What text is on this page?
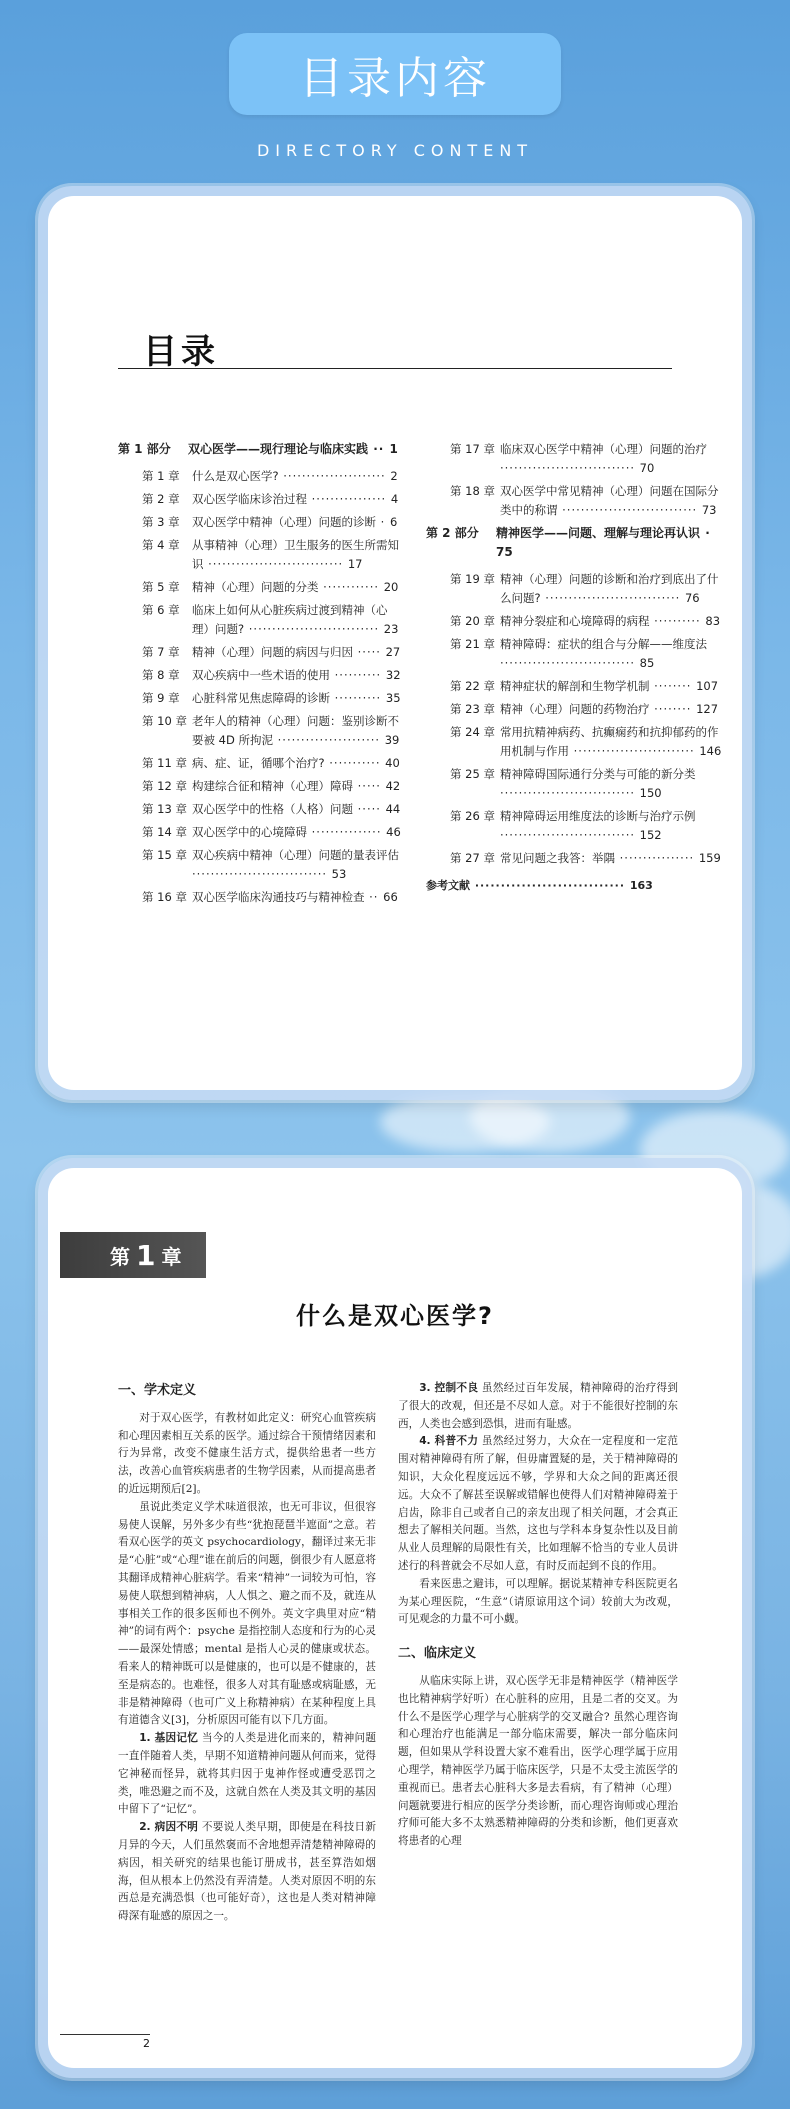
目录内容
DIRECTORY CONTENT
目录
第 1 部分	双心医学——现行理论与临床实践 ·· 1
第 1 章	什么是双心医学? ······················ 2
第 2 章	双心医学临床诊治过程 ················ 4
第 3 章	双心医学中精神（心理）问题的诊断 · 6
第 4 章	从事精神（心理）卫生服务的医生所需知识 ····························· 17
第 5 章	精神（心理）问题的分类 ············ 20
第 6 章	临床上如何从心脏疾病过渡到精神（心理）问题? ···························· 23
第 7 章	精神（心理）问题的病因与归因 ····· 27
第 8 章	双心疾病中一些术语的使用 ·········· 32
第 9 章	心脏科常见焦虑障碍的诊断 ·········· 35
第 10 章 老年人的精神（心理）问题：鉴别诊断不要被 4D 所拘泥 ······················ 39
第 11 章 病、症、证，循哪个治疗? ··········· 40
第 12 章 构建综合征和精神（心理）障碍 ····· 42
第 13 章 双心医学中的性格（人格）问题 ····· 44
第 14 章 双心医学中的心境障碍 ··············· 46
第 15 章 双心疾病中精神（心理）问题的量表评估 ····························· 53
第 16 章 双心医学临床沟通技巧与精神检查 ·· 66
第 17 章 临床双心医学中精神（心理）问题的治疗 ····························· 70
第 18 章 双心医学中常见精神（心理）问题在国际分类中的称谓 ····························· 73
第 2 部分	精神医学——问题、理解与理论再认识 · 75
第 19 章 精神（心理）问题的诊断和治疗到底出了什么问题? ····························· 76
第 20 章 精神分裂症和心境障碍的病程 ·········· 83
第 21 章 精神障碍：症状的组合与分解——维度法 ····························· 85
第 22 章 精神症状的解剖和生物学机制 ········ 107
第 23 章 精神（心理）问题的药物治疗 ········ 127
第 24 章 常用抗精神病药、抗癫痫药和抗抑郁药的作用机制与作用 ·························· 146
第 25 章 精神障碍国际通行分类与可能的新分类 ····························· 150
第 26 章 精神障碍运用维度法的诊断与治疗示例 ····························· 152
第 27 章 常见问题之我答：举隅 ················ 159
参考文献 ····························· 163
第 1 章
什么是双心医学?
一、学术定义

对于双心医学，有教材如此定义：研究心血管疾病和心理因素相互关系的医学。通过综合干预情绪因素和行为异常，改变不健康生活方式，提供给患者一些方法，改善心血管疾病患者的生物学因素，从而提高患者的近远期预后[2]。

虽说此类定义学术味道很浓，也无可非议，但很容易使人误解，另外多少有些“犹抱琵琶半遮面”之意。若看双心医学的英文 psychocardiology，翻译过来无非是“心脏”或“心理”谁在前后的问题，倒很少有人愿意将其翻译成精神心脏病学。看来“精神”一词较为可怕，容易使人联想到精神病，人人惧之、避之而不及，就连从事相关工作的很多医师也不例外。英文字典里对应“精神”的词有两个：psyche 是指控制人态度和行为的心灵——最深处情感；mental 是指人心灵的健康或状态。看来人的精神既可以是健康的，也可以是不健康的，甚至是病态的。也难怪，很多人对其有耻感或病耻感，无非是精神障碍（也可广义上称精神病）在某种程度上具有道德含义[3]，分析原因可能有以下几方面。

1. 基因记忆 当今的人类是进化而来的，精神问题一直伴随着人类，早期不知道精神问题从何而来，觉得它神秘而怪异，就将其归因于鬼神作怪或遭受恶罚之类，唯恐避之而不及，这就自然在人类及其文明的基因中留下了“记忆”。

2. 病因不明 不要说人类早期，即使是在科技日新月异的今天，人们虽然褒而不舍地想弄清楚精神障碍的病因，相关研究的结果也能订册成书，甚至算浩如烟海，但从根本上仍然没有弄清楚。人类对原因不明的东西总是充满恐惧（也可能好奇），这也是人类对精神障碍深有耻感的原因之一。

3. 控制不良 虽然经过百年发展，精神障碍的治疗得到了很大的改观，但还是不尽如人意。对于不能很好控制的东西，人类也会感到恐惧，进而有耻感。

4. 科普不力 虽然经过努力，大众在一定程度和一定范围对精神障碍有所了解，但毋庸置疑的是，关于精神障碍的知识，大众化程度远远不够，学界和大众之间的距离还很远。大众不了解甚至误解或错解也使得人们对精神障碍羞于启齿，除非自己或者自己的亲友出现了相关问题，才会真正想去了解相关问题。当然，这也与学科本身复杂性以及目前从业人员理解的局限性有关，比如理解不恰当的专业人员讲述行的科普就会不尽如人意，有时反而起到不良的作用。

看来医患之避讳，可以理解。据说某精神专科医院更名为某心理医院，“生意”（请原谅用这个词）较前大为改观，可见观念的力量不可小觑。

二、临床定义

从临床实际上讲，双心医学无非是精神医学（精神医学也比精神病学好听）在心脏科的应用，且是二者的交叉。为什么不是医学心理学与心脏病学的交叉融合? 虽然心理咨询和心理治疗也能满足一部分临床需要，解决一部分临床问题，但如果从学科设置大家不难看出，医学心理学属于应用心理学，精神医学乃属于临床医学，只是不太受主流医学的重视而已。患者去心脏科大多是去看病，有了精神（心理）问题就要进行相应的医学分类诊断，而心理咨询师或心理治疗师可能大多不太熟悉精神障碍的分类和诊断，他们更喜欢将患者的心理

2
